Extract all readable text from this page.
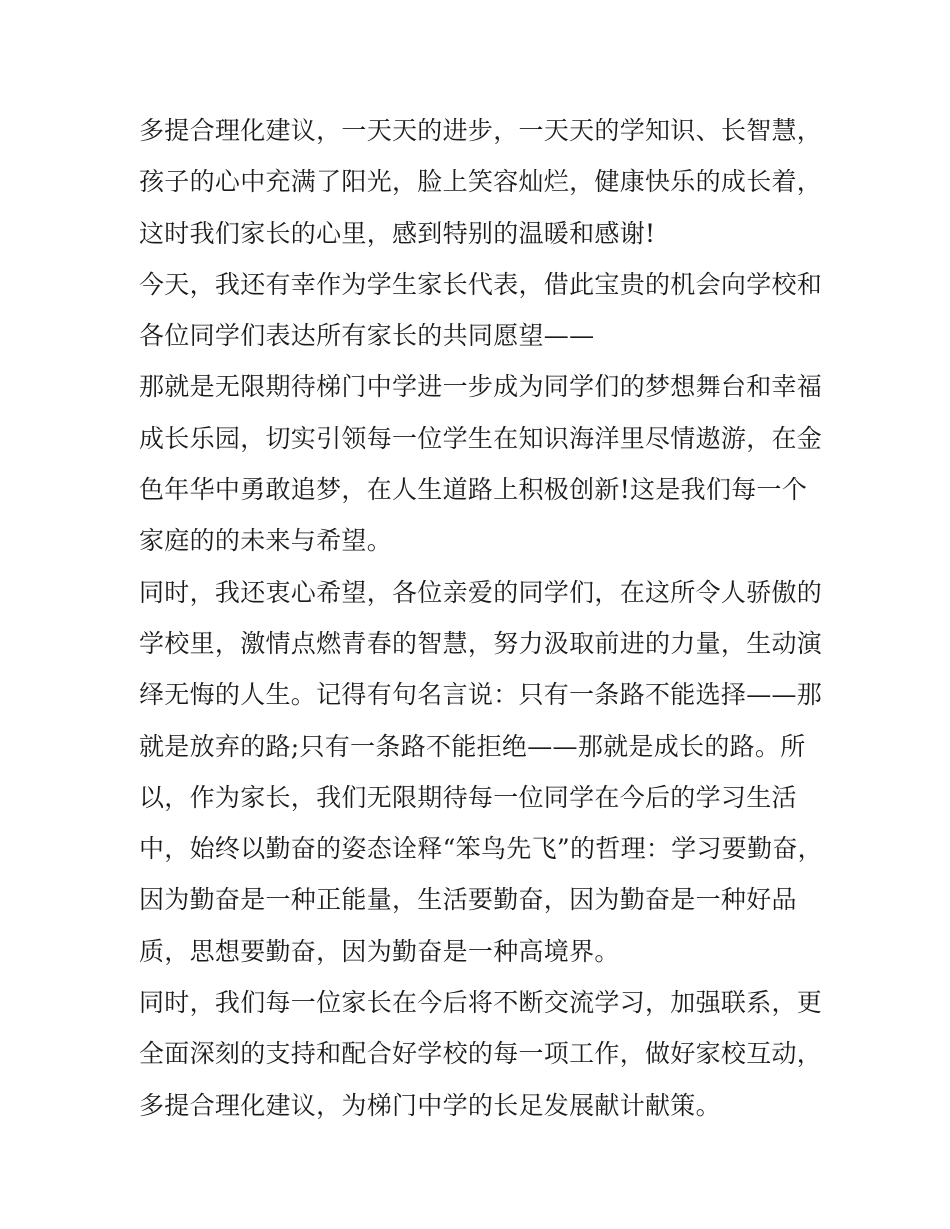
多提合理化建议，一天天的进步，一天天的学知识、长智慧，
孩子的心中充满了阳光，脸上笑容灿烂，健康快乐的成长着，
这时我们家长的心里，感到特别的温暖和感谢!
今天，我还有幸作为学生家长代表，借此宝贵的机会向学校和
各位同学们表达所有家长的共同愿望——
那就是无限期待梯门中学进一步成为同学们的梦想舞台和幸福
成长乐园，切实引领每一位学生在知识海洋里尽情遨游，在金
色年华中勇敢追梦，在人生道路上积极创新!这是我们每一个
家庭的的未来与希望。
同时，我还衷心希望，各位亲爱的同学们，在这所令人骄傲的
学校里，激情点燃青春的智慧，努力汲取前进的力量，生动演
绎无悔的人生。记得有句名言说：只有一条路不能选择——那
就是放弃的路;只有一条路不能拒绝——那就是成长的路。所
以，作为家长，我们无限期待每一位同学在今后的学习生活
中，始终以勤奋的姿态诠释“笨鸟先飞”的哲理：学习要勤奋，
因为勤奋是一种正能量，生活要勤奋，因为勤奋是一种好品
质，思想要勤奋，因为勤奋是一种高境界。
同时，我们每一位家长在今后将不断交流学习，加强联系，更
全面深刻的支持和配合好学校的每一项工作，做好家校互动，
多提合理化建议，为梯门中学的长足发展献计献策。
